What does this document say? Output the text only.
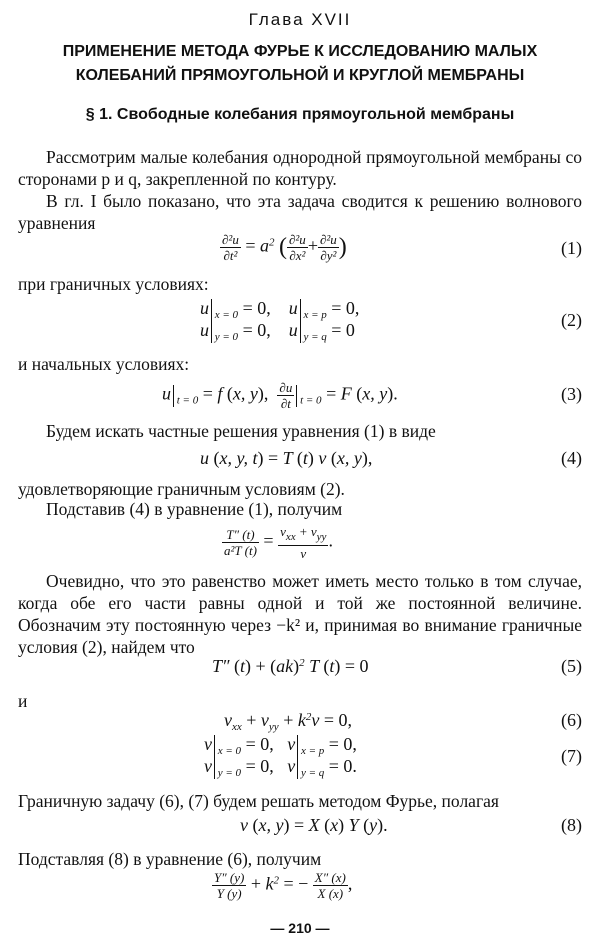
Глава XVII
ПРИМЕНЕНИЕ МЕТОДА ФУРЬЕ К ИССЛЕДОВАНИЮ МАЛЫХ
КОЛЕБАНИЙ ПРЯМОУГОЛЬНОЙ И КРУГЛОЙ МЕМБРАНЫ
§ 1. Свободные колебания прямоугольной мембраны
Рассмотрим малые колебания однородной прямоугольной мембраны со сторонами p и q, закрепленной по контуру.
В гл. I было показано, что эта задача сводится к решению волнового уравнения
$\frac{\text{∂²u}}{\text{∂t²}} = a^2$ ( $\frac{\text{∂²u}}{\text{∂x²}} + \frac{\text{∂²u}}{\text{∂y²}}$ )	(1)
при граничных условиях:
u $_{x = 0}$ = 0,    u $_{x = p}$ = 0,
u $_{y = 0}$ = 0,    u $_{y = q}$ = 0	(2)
и начальных условиях:
u $_{t = 0}$ = f (x, y), $\frac{\partial u}{\partial t} _{t = 0} = F$ (x, y).	(3)
Будем искать частные решения уравнения (1) в виде
u (x, y, t) = T (t) v (x, y),	(4)
удовлетворяющие граничным условиям (2).
Подставив (4) в уравнение (1), получим
$\frac{T'' (t)}{\text{a²T (t)}} = \frac{v_{xx} + v_{yy}}{v}$ .
Очевидно, что это равенство может иметь место только в том случае, когда обе его части равны одной и той же постоянной величине. Обозначим эту постоянную через −k² и, принимая во внимание граничные условия (2), найдем что
T″ (t) + (ak)$^2$ T (t) = 0	(5)
и
$v_{xx} + v_{yy} + k^2v = 0$,	(6)
v $_{x = 0}$ = 0,   v $_{x = p}$ = 0,
v $_{y = 0}$ = 0,   v $_{y = q}$ = 0.	(7)
Граничную задачу (6), (7) будем решать методом Фурье, полагая
v (x, y) = X (x) Y (y).	(8)
Подставляя (8) в уравнение (6), получим
$\frac{Y'' (y)}{Y (y)} + k^2$ = − $\frac{X'' (x)}{X (x)}$ ,
— 210 —
